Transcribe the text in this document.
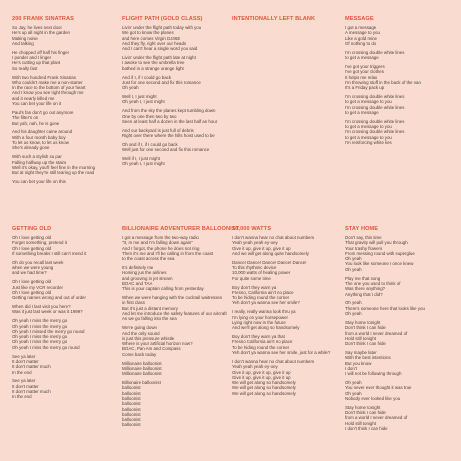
200 FRANK SINATRAS
So Jay, he lives next door
He's up all night in the garden
Making noise
And talking
He chopped off half his finger
I ponder and I linger
He's cutting up that plant
So really fast
With two hundred Frank Sinatras
Who couldn't make me a non-starter
In the race to the bottom of your heart
And I know you see right through me
and it nearly killed me
You can bet your life on it
Paul's fan don't go out anymore
The filter's on
But yah, nah, he is gone
And his daughter came around
With a four month baby boy
To let us know, to let us know
She's already gone
With such a stylish su par
Falling halfway up the stairs
Well it's okay, you'll feel fine in the morning
But at night they're still tearing up the road
You can bet your life on this
FLIGHT PATH (GOLD CLASS)
Livin' under the flight path today with you
We got to know the planes
and here comes Virgin DJ46E
And they fly, right over our heads
And I can't hear a single word you said
Livin' under the flight path late at night
I awoke to see the umbrella tree
bathed in a strange orange light
And if I, if I could go back
Just for one second and fix this romance
Oh yeah
Well I, I just might
Oh yeah I, I just might
And from the sky the planes kept tumbling down
One by one then two by two
Seen at least half a dozen in the last half an hour
And our backyard is just full of debris
Right over there where the hills hoist used to be
Oh and if I, if I could go back
Well just for one second and fix this romance
Well if I, I just might
Oh yeah I, I just might
INTENTIONALLY LEFT BLANK	MESSAGE
I got a message
A message to you
Like a gold mine
Of nothing to do
I'm crossing double white lines
to get a message
I've got your triggers
I've got your clothes
It helps me relax
I'm throwing stuff in the back of the van
It's a Friday pack up
I'm crossing double white lines
to get a message to you
I'm crossing double white lines
to get a message
I'm crossing double white lines
to get a message to you
I'm crossing double white lines
to get a message to you
I'm reinforcing white lies
GETTING OLD
Oh I love getting old
Forget something, pretend it
Oh I love getting old
If something breaks I still can't mend it
Oh do you recall last week
when we were young
and we had time?
Oh I love getting old
Just like my VCR recorder
Oh I love getting old
Getting names wrong and out of order
When did I last visit you here?
Was it just last week or was it 1999?
Oh yeah I miss the merry go
Oh yeah I miss the merry go
Oh yeah I missed the merry go round
Oh yeah I miss the merry go
Oh yeah I miss the merry go
Oh yeah I miss the merry go round
See ya later
It don't matter
It don't matter much
In the end
See ya later
It don't matter
It don't matter much
In the end
BILLIONAIRE ADVENTURER BALLOONIST
I got a message from the two-way radio
"It, m me and I'm falling down again"
And I forgot, the phone he does not ring
Then it's me and I'll be calling in from the coast
to the coast across the sea
It's definitely me
Homing jus the airlines
and grooving in jet stream
BOAC and TAA
This is your captain calling from yesterday
When we were hanging with the cocktail waitresses
in first class
But it's just a distant memory
And let me introduce the safety features of our aircraft
As we go falling into the sea
We're going down
And the only sound
is just this pressure whistle
Where is your artificial horizon now?
BOAC, Pan Am and Compass
Come back today
Millionaire balloonist
Millionaire balloonist
Millionaire balloonist
Billionaire balloonist
balloonist
balloonist
balloonist
balloonist
balloonist
balloonist
balloonist
balloonist
10,000 WATTS
I don't wanna hear no chat about numbers
Yeah yeah yeah ey-oey
Give it up, give it up, give it up
And we will get along quite handsomely
Dance! Dance! Dance! Dance! Dance!
To this rhythmic device
10,000 watts of healing power
For quite some time
Boy don't they warn ya
Fresno, California ain't no place
To be hiding round the corner
Yeh don't ya wanna see her smile?
I really, really wanna look thru ya
I'm lying on your horsepower
Lying right now in the future
And we'll get along so handsomely
Boy don't they warn ya that
Fresno California ain't no place
To be hiding round the corner
Yeh don't ya wanna see her smile, just for a while?
I don't wanna hear no chat about numbers
Yeah yeah yeah ey-oey
Give it up, give it up, give it up
Give it up, give it up, give it up
We will get along so handsomely
We will get along so handsomely
We will get along so handsomely
STAY HOME
Don't say, this time
That gravity will pull you through
Your trashy flowers
From messing round with superglue
Oh yeah
You look like someone I once knew
Oh yeah
Play me that song
The one you used to think of
Was there anything?
Anything that I did?
Oh yeah
There's someone here that looks like you
Oh yeah
Stay home tonight
Don't think I can hide
from a world I never dreamed of
Hold still tonight
Don't think I can hide
Say maybe later
With the best intentions
But you know
I don't
I will not be following through
Oh yeah
You never ever thought it was true
Oh yeah
Nobody ever looked like you
Stay home tonight
Don't think I can hide
from a world I never dreamed of
Hold still tonight
I don't think I can hide
